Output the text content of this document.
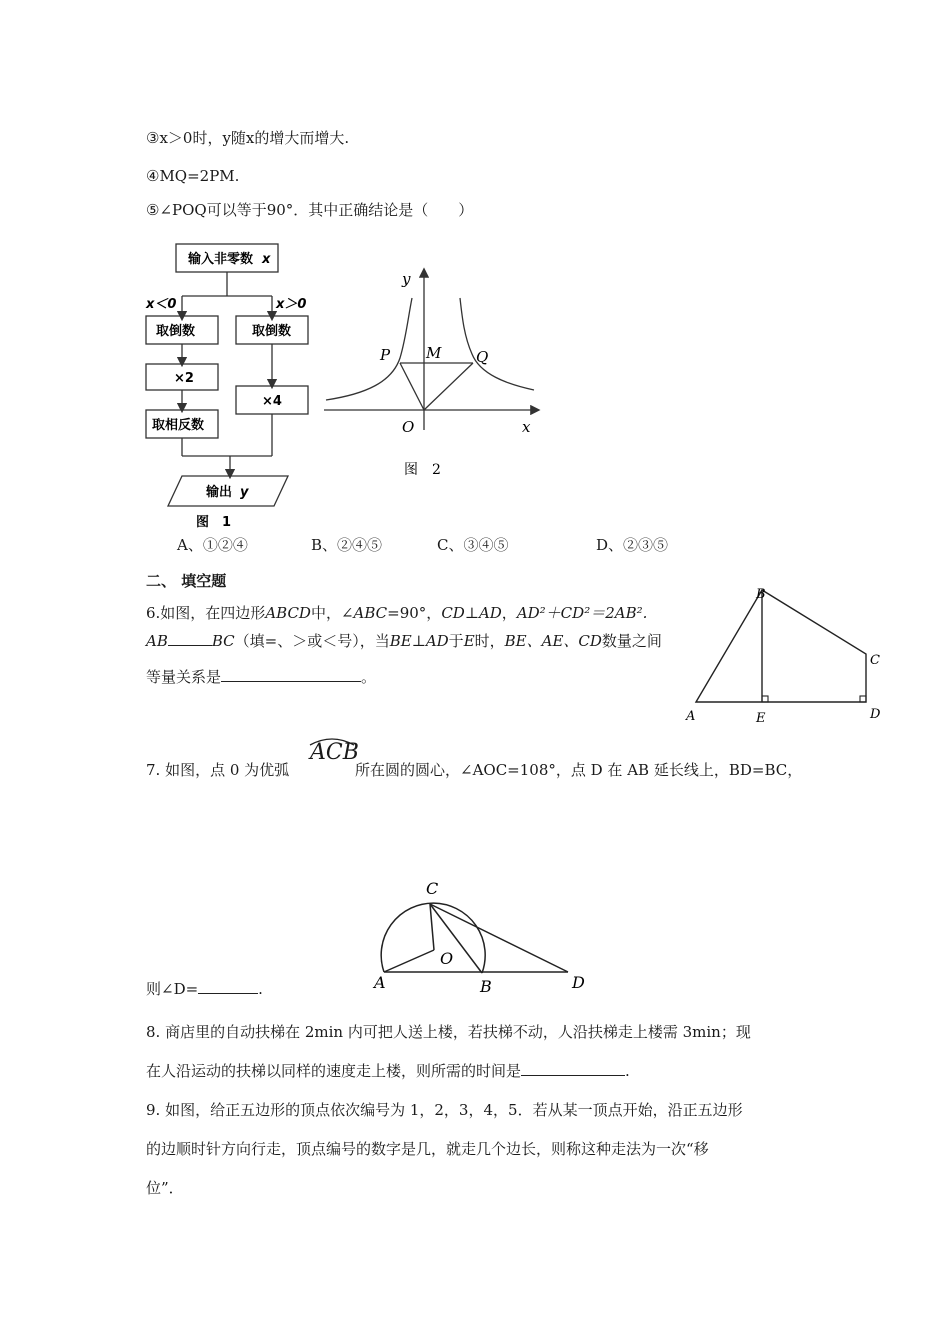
③x＞0时，y随x的增大而增大.
④MQ=2PM.
⑤∠POQ可以等于90°．其中正确结论是（　　）
输入非零数 x
x＜0	x＞0
取倒数	取倒数
×2
取相反数
×4
输出 y
图　1
y
x
P M Q
O
图　2
A、①②④	B、②④⑤	C、③④⑤	D、②③⑤
二、 填空题
6.如图，在四边形ABCD中，∠ABC=90°，CD⊥AD，AD²＋CD²＝2AB².
AB	BC（填=、＞或＜号），当BE⊥AD于E时，BE、AE、CD数量之间
等量关系是	。
B
C
A	E	D
7. 如图，点 0 为优弧
ACB
所在圆的圆心，∠AOC=108°，点 D 在 AB 延长线上，BD=BC，
C
O
A	B	D
则∠D=	.
8. 商店里的自动扶梯在 2min 内可把人送上楼，若扶梯不动，人沿扶梯走上楼需 3min；现
在人沿运动的扶梯以同样的速度走上楼，则所需的时间是	.
9. 如图，给正五边形的顶点依次编号为 1，2，3，4，5．若从某一顶点开始，沿正五边形
的边顺时针方向行走，顶点编号的数字是几，就走几个边长，则称这种走法为一次“移
位”．
